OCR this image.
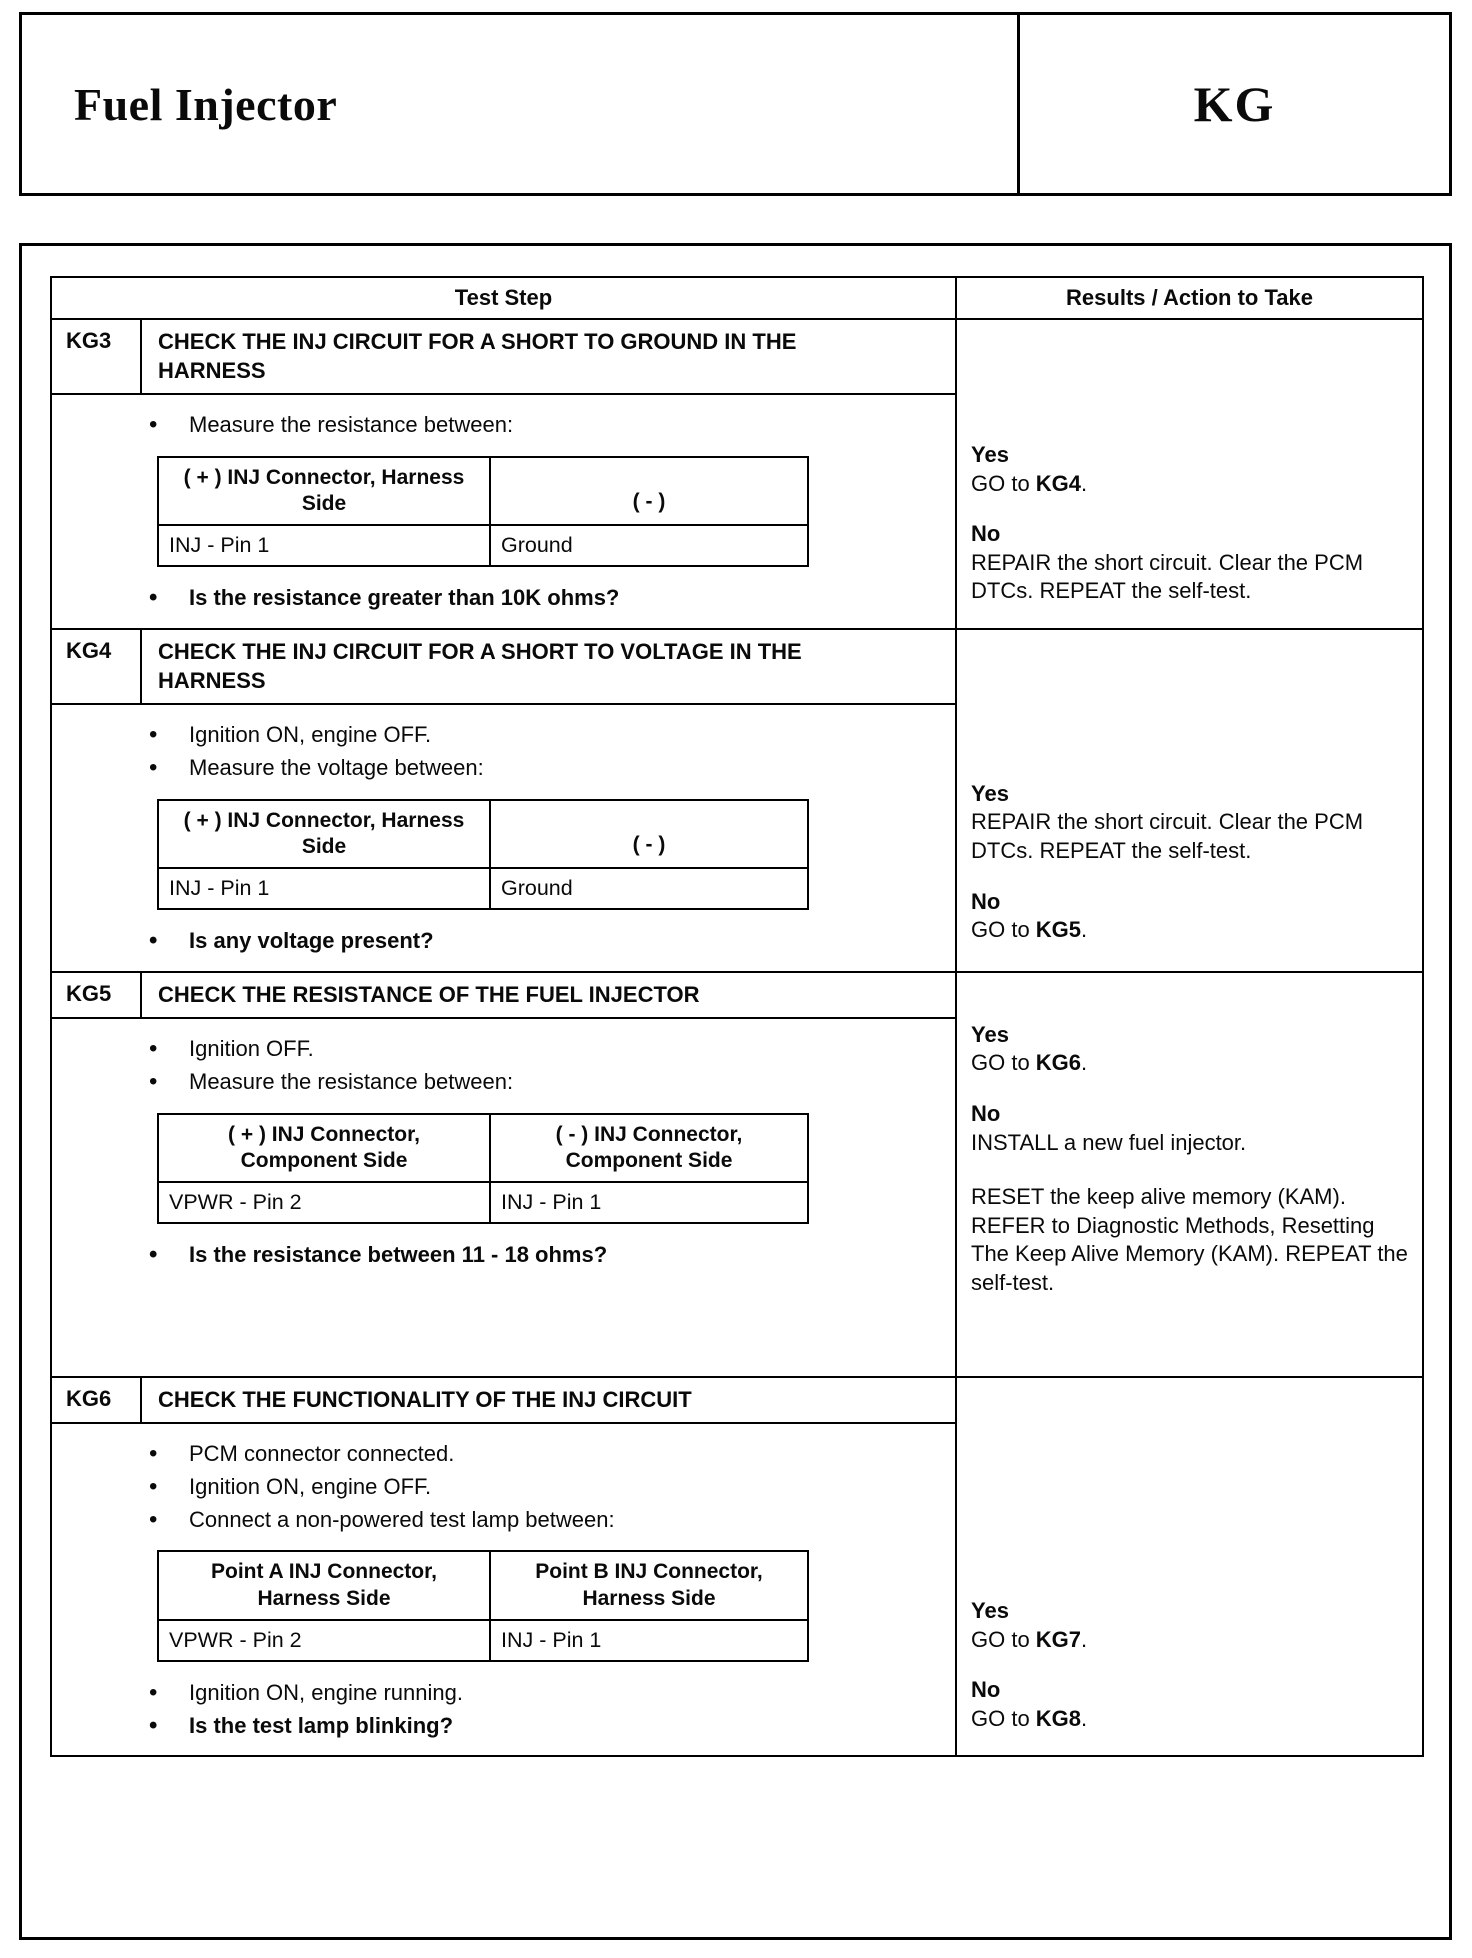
Fuel Injector	KG
Test Step	Results / Action to Take

KG3	CHECK THE INJ CIRCUIT FOR A SHORT TO GROUND IN THE HARNESS
• Measure the resistance between:
( + ) INJ Connector, Harness Side	( - )
INJ - Pin 1	Ground
• Is the resistance greater than 10K ohms?

Yes
GO to KG4.
No
REPAIR the short circuit. Clear the PCM DTCs. REPEAT the self-test.

KG4	CHECK THE INJ CIRCUIT FOR A SHORT TO VOLTAGE IN THE HARNESS
• Ignition ON, engine OFF.
• Measure the voltage between:
( + ) INJ Connector, Harness Side	( - )
INJ - Pin 1	Ground
• Is any voltage present?

Yes
REPAIR the short circuit. Clear the PCM DTCs. REPEAT the self-test.
No
GO to KG5.

KG5	CHECK THE RESISTANCE OF THE FUEL INJECTOR
• Ignition OFF.
• Measure the resistance between:
( + ) INJ Connector, Component Side	( - ) INJ Connector, Component Side
VPWR - Pin 2	INJ - Pin 1
• Is the resistance between 11 - 18 ohms?

Yes
GO to KG6.
No
INSTALL a new fuel injector.
RESET the keep alive memory (KAM). REFER to Diagnostic Methods, Resetting The Keep Alive Memory (KAM). REPEAT the self-test.

KG6	CHECK THE FUNCTIONALITY OF THE INJ CIRCUIT
• PCM connector connected.
• Ignition ON, engine OFF.
• Connect a non-powered test lamp between:
Point A INJ Connector, Harness Side	Point B INJ Connector, Harness Side
VPWR - Pin 2	INJ - Pin 1
• Ignition ON, engine running.
• Is the test lamp blinking?

Yes
GO to KG7.
No
GO to KG8.
